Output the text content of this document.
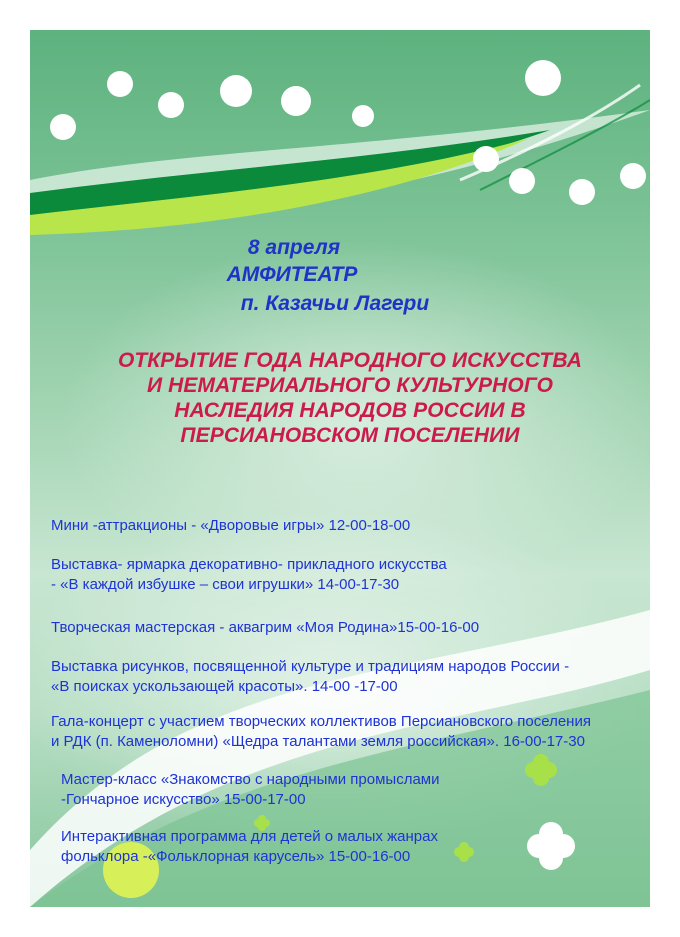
8 апреля
АМФИТЕАТР
п. Казачьи Лагери
ОТКРЫТИЕ ГОДА НАРОДНОГО ИСКУССТВА
И НЕМАТЕРИАЛЬНОГО КУЛЬТУРНОГО
НАСЛЕДИЯ НАРОДОВ РОССИИ В
ПЕРСИАНОВСКОМ ПОСЕЛЕНИИ
Мини -аттракционы - «Дворовые игры» 12-00-18-00
Выставка- ярмарка декоративно- прикладного искусства
- «В каждой избушке – свои игрушки» 14-00-17-30
Творческая мастерская - аквагрим «Моя Родина»15-00-16-00
Выставка рисунков, посвященной культуре и традициям народов России -
«В поисках ускользающей красоты». 14-00 -17-00
Гала-концерт с участием творческих коллективов Персиановского поселения
и РДК (п. Каменоломни) «Щедра талантами земля российская». 16-00-17-30
Мастер-класс «Знакомство с народными промыслами
-Гончарное искусство» 15-00-17-00
Интерактивная программа для детей о малых жанрах
фольклора -«Фольклорная карусель» 15-00-16-00
